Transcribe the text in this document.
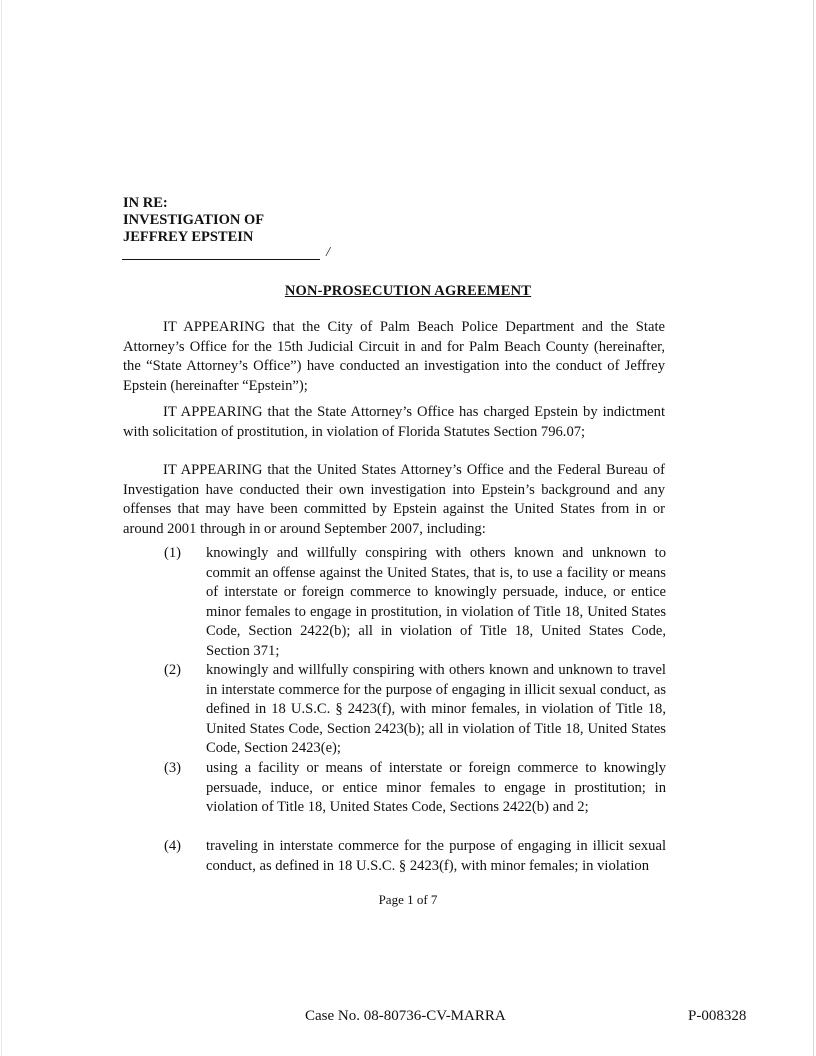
IN RE:
INVESTIGATION OF
JEFFREY EPSTEIN
/
NON-PROSECUTION AGREEMENT

IT APPEARING that the City of Palm Beach Police Department and the State Attorney’s Office for the 15th Judicial Circuit in and for Palm Beach County (hereinafter, the “State Attorney’s Office”) have conducted an investigation into the conduct of Jeffrey Epstein (hereinafter “Epstein”);

IT APPEARING that the State Attorney’s Office has charged Epstein by indictment with solicitation of prostitution, in violation of Florida Statutes Section 796.07;

IT APPEARING that the United States Attorney’s Office and the Federal Bureau of Investigation have conducted their own investigation into Epstein’s background and any offenses that may have been committed by Epstein against the United States from in or around 2001 through in or around September 2007, including:

(1)	knowingly and willfully conspiring with others known and unknown to commit an offense against the United States, that is, to use a facility or means of interstate or foreign commerce to knowingly persuade, induce, or entice minor females to engage in prostitution, in violation of Title 18, United States Code, Section 2422(b); all in violation of Title 18, United States Code, Section 371;
(2)	knowingly and willfully conspiring with others known and unknown to travel in interstate commerce for the purpose of engaging in illicit sexual conduct, as defined in 18 U.S.C. § 2423(f), with minor females, in violation of Title 18, United States Code, Section 2423(b); all in violation of Title 18, United States Code, Section 2423(e);
(3)	using a facility or means of interstate or foreign commerce to knowingly persuade, induce, or entice minor females to engage in prostitution; in violation of Title 18, United States Code, Sections 2422(b) and 2;
(4)	traveling in interstate commerce for the purpose of engaging in illicit sexual conduct, as defined in 18 U.S.C. § 2423(f), with minor females; in violation
Page 1 of 7
Case No. 08-80736-CV-MARRA	P-008328
